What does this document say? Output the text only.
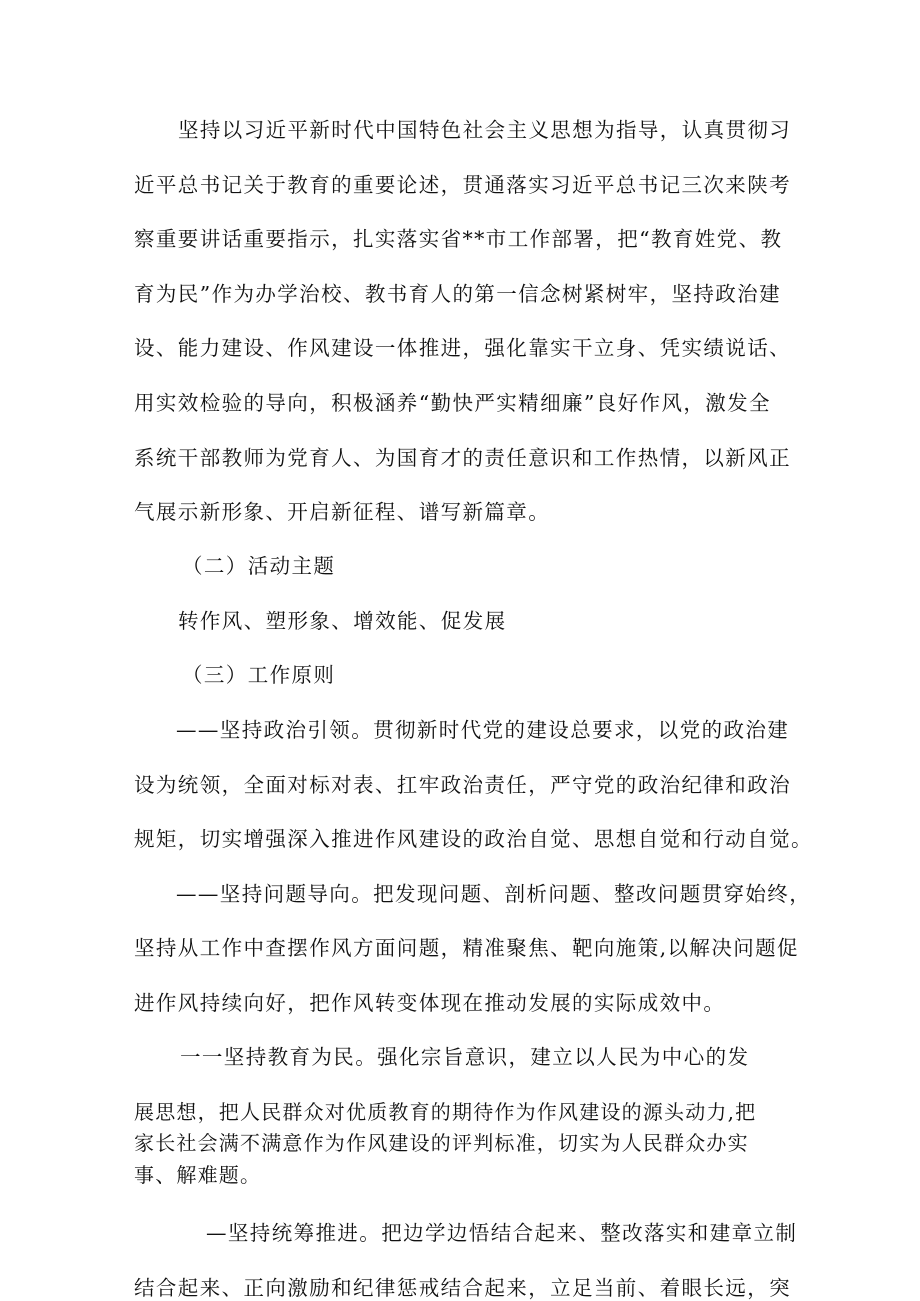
坚持以习近平新时代中国特色社会主义思想为指导，认真贯彻习
近平总书记关于教育的重要论述，贯通落实习近平总书记三次来陕考
察重要讲话重要指示，扎实落实省**市工作部署，把“教育姓党、教
育为民”作为办学治校、教书育人的第一信念树紧树牢，坚持政治建
设、能力建设、作风建设一体推进，强化靠实干立身、凭实绩说话、
用实效检验的导向，积极涵养“勤快严实精细廉”良好作风，激发全
系统干部教师为党育人、为国育才的责任意识和工作热情，以新风正
气展示新形象、开启新征程、谱写新篇章。
（二）活动主题
转作风、塑形象、增效能、促发展
（三）工作原则
——坚持政治引领。贯彻新时代党的建设总要求，以党的政治建
设为统领，全面对标对表、扛牢政治责任，严守党的政治纪律和政治
规矩，切实增强深入推进作风建设的政治自觉、思想自觉和行动自觉。
——坚持问题导向。把发现问题、剖析问题、整改问题贯穿始终，
坚持从工作中查摆作风方面问题，精准聚焦、靶向施策,以解决问题促
进作风持续向好，把作风转变体现在推动发展的实际成效中。
一一坚持教育为民。强化宗旨意识，建立以人民为中心的发
展思想，把人民群众对优质教育的期待作为作风建设的源头动力,把
家长社会满不满意作为作风建设的评判标准，切实为人民群众办实
事、解难题。
—坚持统筹推进。把边学边悟结合起来、整改落实和建章立制
结合起来、正向激励和纪律惩戒结合起来，立足当前、着眼长远，突
